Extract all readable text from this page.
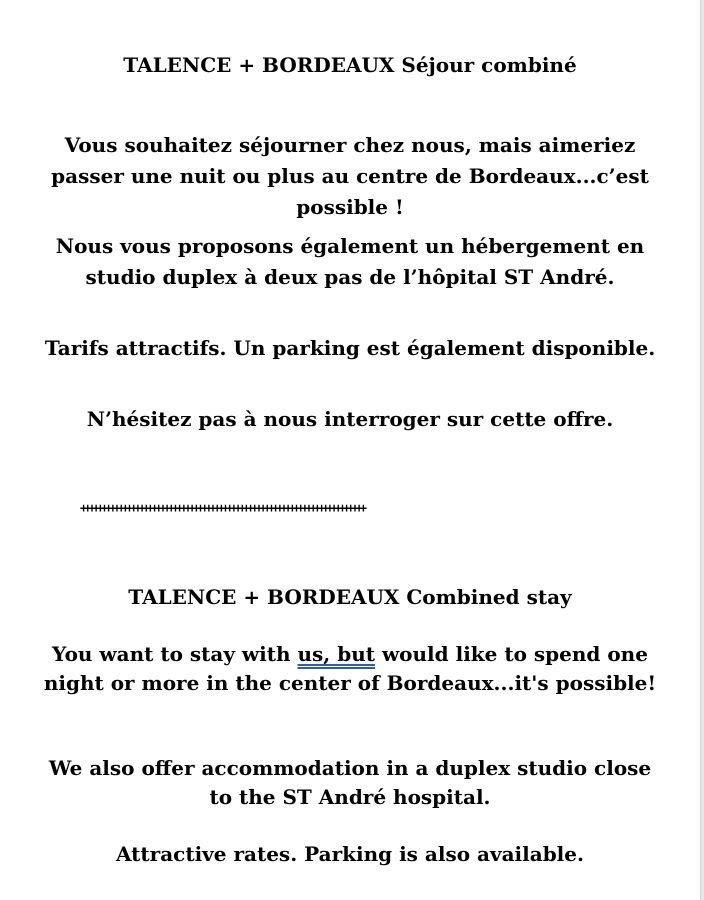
TALENCE + BORDEAUX Séjour combiné

Vous souhaitez séjourner chez nous, mais aimeriez passer une nuit ou plus au centre de Bordeaux...c’est possible !

Nous vous proposons également un hébergement en studio duplex à deux pas de l’hôpital ST André.

Tarifs attractifs. Un parking est également disponible.

N’hésitez pas à nous interroger sur cette offre.

++++++++++++++++++++++++++++++++++++++++++++++++++++++++++++++++++++

TALENCE + BORDEAUX Combined stay

You want to stay with us, but would like to spend one night or more in the center of Bordeaux...it's possible!

We also offer accommodation in a duplex studio close to the ST André hospital.

Attractive rates. Parking is also available.
